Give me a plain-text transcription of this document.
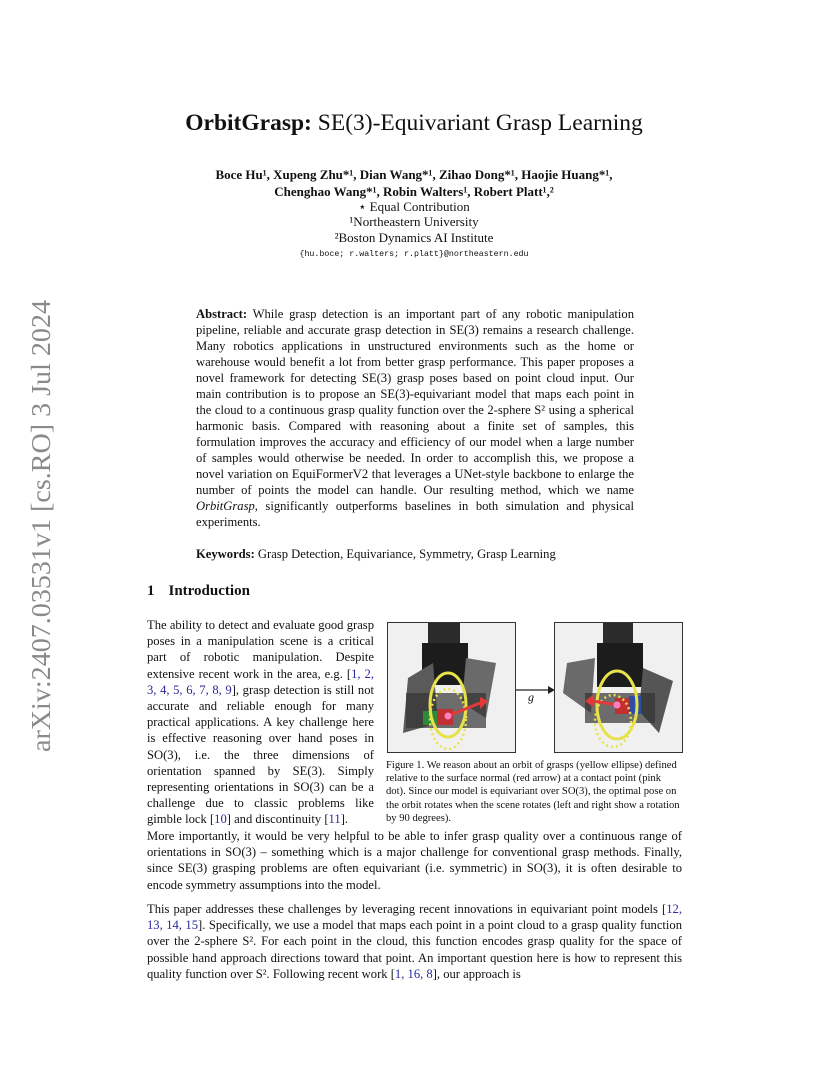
arXiv:2407.03531v1 [cs.RO] 3 Jul 2024
OrbitGrasp: SE(3)-Equivariant Grasp Learning
Boce Hu¹, Xupeng Zhu*¹, Dian Wang*¹, Zihao Dong*¹, Haojie Huang*¹,
Chenghao Wang*¹, Robin Walters¹, Robert Platt¹,²
⋆ Equal Contribution
¹Northeastern University
²Boston Dynamics AI Institute
{hu.boce; r.walters; r.platt}@northeastern.edu
Abstract: While grasp detection is an important part of any robotic manipulation pipeline, reliable and accurate grasp detection in SE(3) remains a research challenge. Many robotics applications in unstructured environments such as the home or warehouse would benefit a lot from better grasp performance. This paper proposes a novel framework for detecting SE(3) grasp poses based on point cloud input. Our main contribution is to propose an SE(3)-equivariant model that maps each point in the cloud to a continuous grasp quality function over the 2-sphere S² using a spherical harmonic basis. Compared with reasoning about a finite set of samples, this formulation improves the accuracy and efficiency of our model when a large number of samples would otherwise be needed. In order to accomplish this, we propose a novel variation on EquiFormerV2 that leverages a UNet-style backbone to enlarge the number of points the model can handle. Our resulting method, which we name OrbitGrasp, significantly outperforms baselines in both simulation and physical experiments.
Keywords: Grasp Detection, Equivariance, Symmetry, Grasp Learning
1 Introduction
The ability to detect and evaluate good grasp poses in a manipulation scene is a critical part of robotic manipulation. Despite extensive recent work in the area, e.g. [1, 2, 3, 4, 5, 6, 7, 8, 9], grasp detection is still not accurate and reliable enough for many practical applications. A key challenge here is effective reasoning over hand poses in SO(3), i.e. the three dimensions of orientation spanned by SE(3). Simply representing orientations in SO(3) can be a challenge due to classic problems like gimble lock [10] and discontinuity [11].
g
Figure 1. We reason about an orbit of grasps (yellow ellipse) defined relative to the surface normal (red arrow) at a contact point (pink dot). Since our model is equivariant over SO(3), the optimal pose on the orbit rotates when the scene rotates (left and right show a rotation by 90 degrees).
More importantly, it would be very helpful to be able to infer grasp quality over a continuous range of orientations in SO(3) – something which is a major challenge for conventional grasp methods. Finally, since SE(3) grasping problems are often equivariant (i.e. symmetric) in SO(3), it is often desirable to encode symmetry assumptions into the model.
This paper addresses these challenges by leveraging recent innovations in equivariant point models [12, 13, 14, 15]. Specifically, we use a model that maps each point in a point cloud to a grasp quality function over the 2-sphere S². For each point in the cloud, this function encodes grasp quality for the space of possible hand approach directions toward that point. An important question here is how to represent this quality function over S². Following recent work [1, 16, 8], our approach is
